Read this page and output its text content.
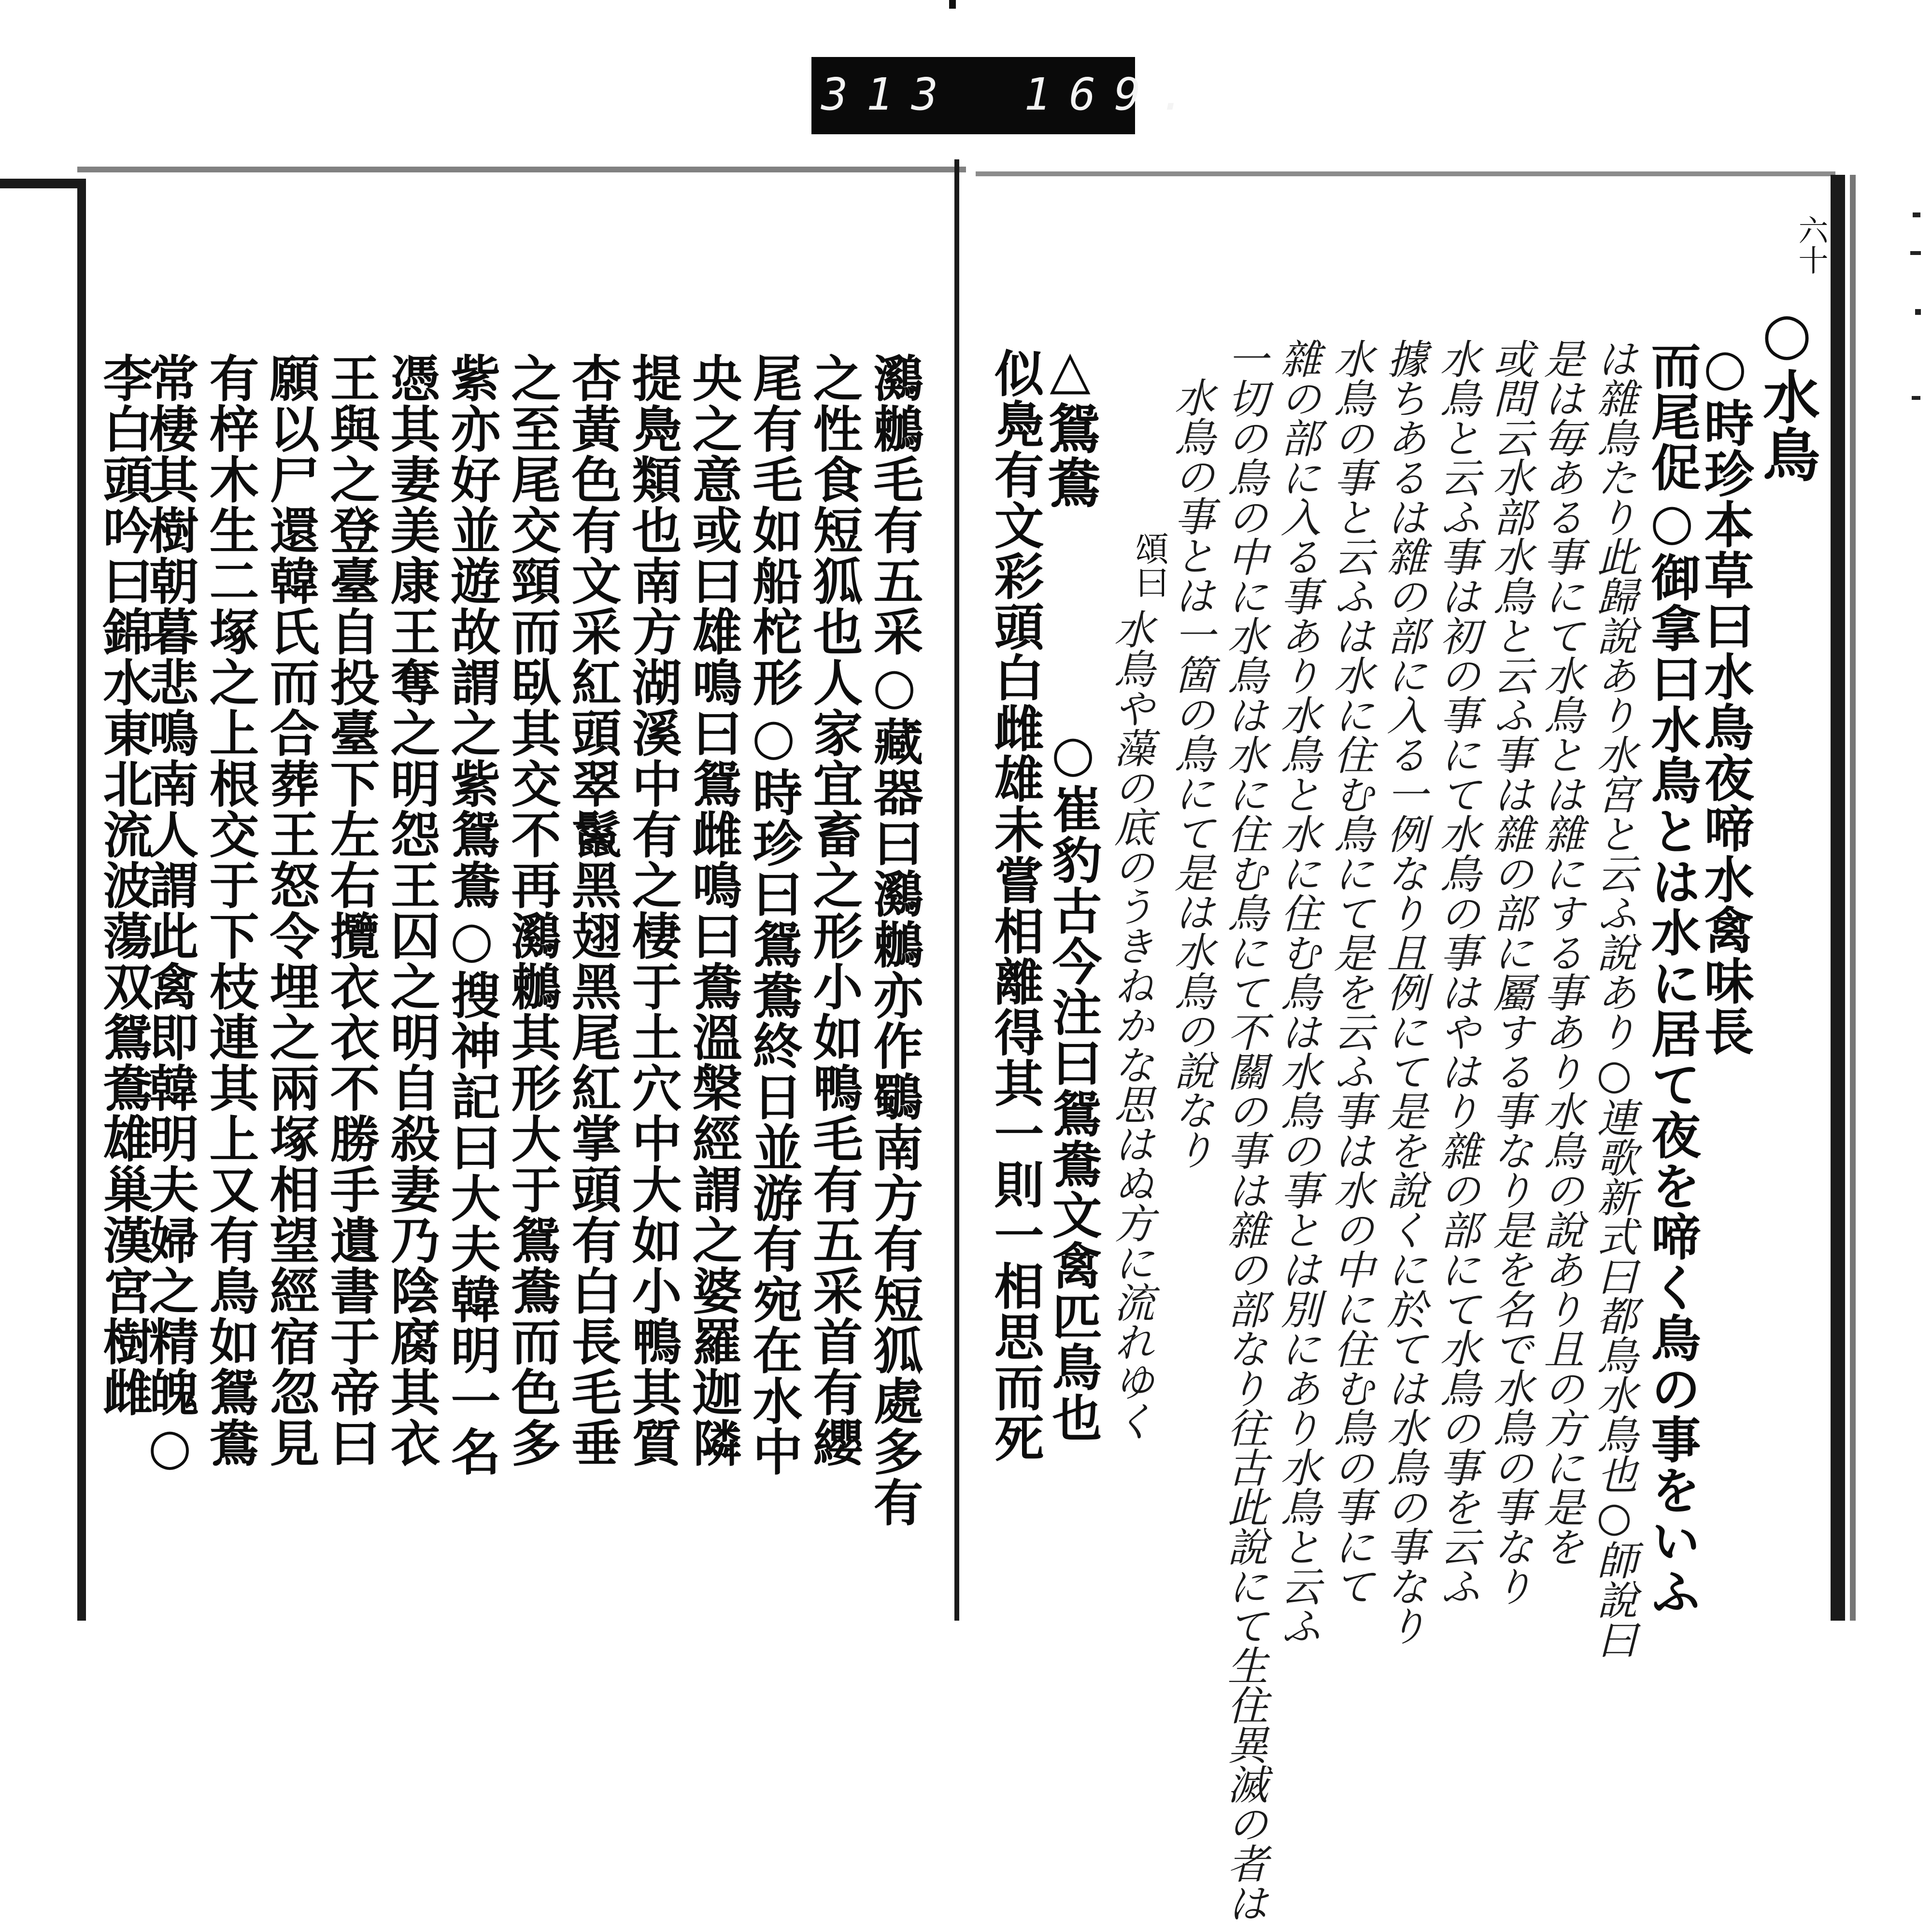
313 169.
六十
○時珍本草曰水鳥夜啼水禽味長
○水鳥
而尾促○御拿曰水鳥とは水に居て夜を啼く鳥の事をいふ
は雜鳥たり此歸說あり水宮と云ふ說あり○連歌新式曰都鳥水鳥也○師說曰
是は毎ある事にて水鳥とは雜にする事あり水鳥の說あり且の方に是を
或問云水部水鳥と云ふ事は雜の部に屬する事なり是を名で水鳥の事なり
水鳥と云ふ事は初の事にて水鳥の事はやはり雜の部にて水鳥の事を云ふ
據ちあるは雜の部に入る一例なり且例にて是を說くに於ては水鳥の事なり
水鳥の事と云ふは水に住む鳥にて是を云ふ事は水の中に住む鳥の事にて
雜の部に入る事あり水鳥と水に住む鳥は水鳥の事とは別にあり水鳥と云ふ
一切の鳥の中に水鳥は水に住む鳥にて不關の事は雜の部なり往古此說にて生住異滅の者は
水鳥の事とは一箇の鳥にて是は水鳥の說なり
頌曰
水鳥や藻の底のうきねかな思はぬ方に流れゆく
○崔豹古今注曰鴛鴦文禽匹鳥也
△鴛鴦
似鳧有文彩頭白雌雄未嘗相離得其一則一相思而死
鸂鶒毛有五采○藏器曰鸂鶒亦作鸀南方有短狐處多有
之性食短狐也人家宜畜之形小如鴨毛有五采首有纓
尾有毛如船柁形○時珍曰鴛鴦終日並游有宛在水中
央之意或曰雄鳴曰鴛雌鳴曰鴦溫槃經謂之婆羅迦隣
提鳧類也南方湖溪中有之棲于土穴中大如小鴨其質
杏黃色有文采紅頭翠鬣黑翅黑尾紅掌頭有白長毛垂
之至尾交頸而臥其交不再鸂鶒其形大于鴛鴦而色多
紫亦好並遊故謂之紫鴛鴦○搜神記曰大夫韓明一名
憑其妻美康王奪之明怨王囚之明自殺妻乃陰腐其衣
王與之登臺自投臺下左右攬衣衣不勝手遺書于帝曰
願以尸還韓氏而合葬王怒令埋之兩塚相望經宿忽見
有梓木生二塚之上根交于下枝連其上又有鳥如鴛鴦
常棲其樹朝暮悲鳴南人謂此禽即韓明夫婦之精魄○
李白頭吟曰錦水東北流波蕩双鴛鴦雄巢漢宮樹雌
